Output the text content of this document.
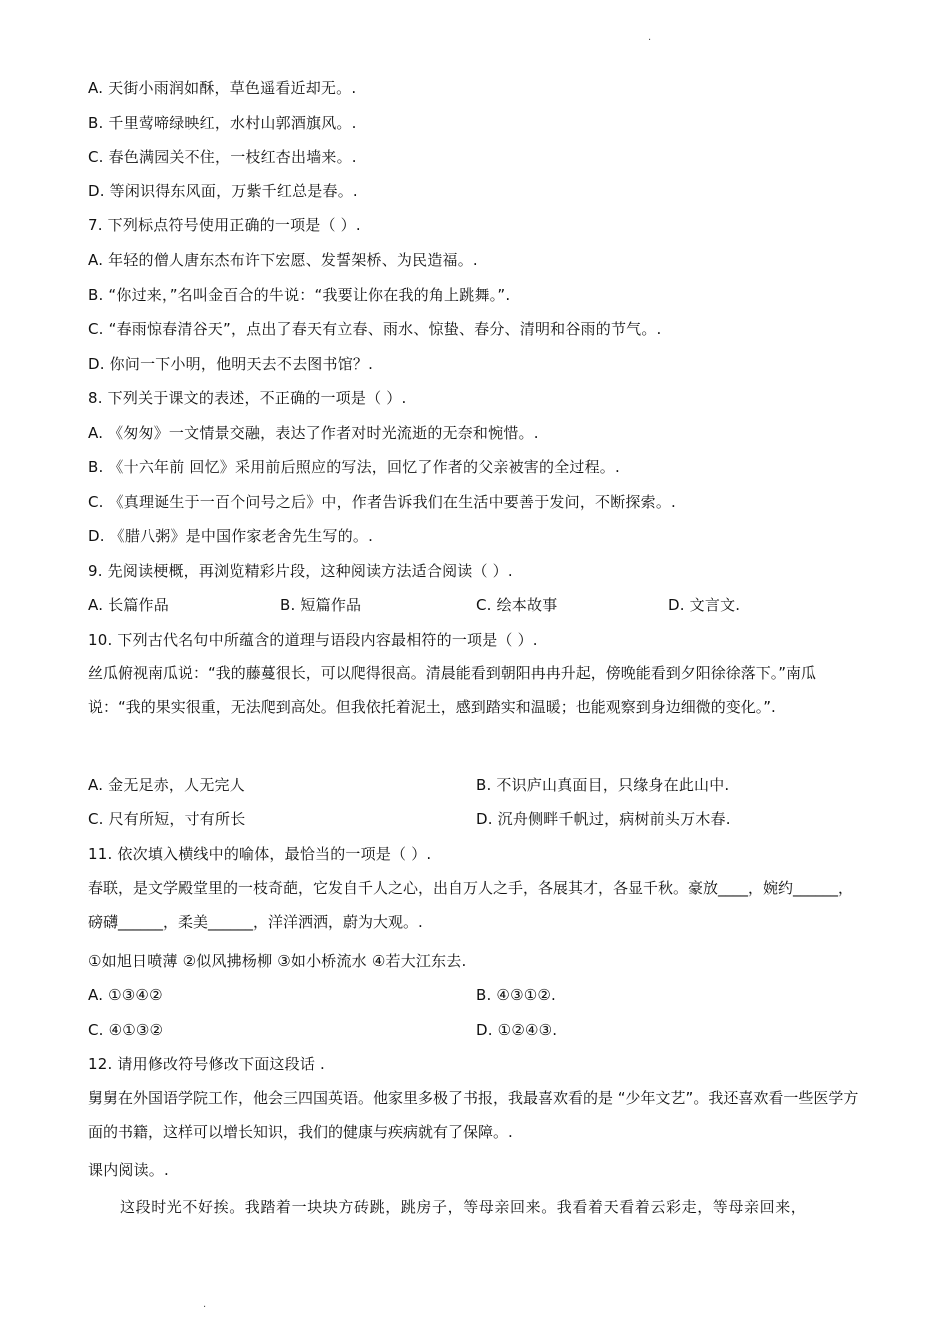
.
A. 天街小雨润如酥，草色遥看近却无。.
B. 千里莺啼绿映红，水村山郭酒旗风。.
C. 春色满园关不住，一枝红杏出墙来。.
D. 等闲识得东风面，万紫千红总是春。.
7. 下列标点符号使用正确的一项是（ ）.
A. 年轻的僧人唐东杰布许下宏愿、发誓架桥、为民造福。.
B. “你过来，”名叫金百合的牛说：“我要让你在我的角上跳舞。”.
C. “春雨惊春清谷天”，点出了春天有立春、雨水、惊蛰、春分、清明和谷雨的节气。.
D. 你问一下小明，他明天去不去图书馆？.
8. 下列关于课文的表述，不正确的一项是（ ）.
A. 《匆匆》一文情景交融，表达了作者对时光流逝的无奈和惋惜。.
B. 《十六年前 回忆》采用前后照应的写法，回忆了作者的父亲被害的全过程。.
C. 《真理诞生于一百个问号之后》中，作者告诉我们在生活中要善于发问，不断探索。.
D. 《腊八粥》是中国作家老舍先生写的。.
9. 先阅读梗概，再浏览精彩片段，这种阅读方法适合阅读（ ）.
A. 长篇作品	B. 短篇作品	C. 绘本故事	D. 文言文.
10. 下列古代名句中所蕴含的道理与语段内容最相符的一项是（ ）.
丝瓜俯视南瓜说：“我的藤蔓很长，可以爬得很高。清晨能看到朝阳冉冉升起，傍晚能看到夕阳徐徐落下。”南瓜说：“我的果实很重，无法爬到高处。但我依托着泥土，感到踏实和温暖；也能观察到身边细微的变化。”.
A. 金无足赤，人无完人	B. 不识庐山真面目，只缘身在此山中.
C. 尺有所短，寸有所长	D. 沉舟侧畔千帆过，病树前头万木春.
11. 依次填入横线中的喻体，最恰当的一项是（ ）.
春联，是文学殿堂里的一枝奇葩，它发自千人之心，出自万人之手，各展其才，各显千秋。豪放____，婉约______，磅礴______，柔美______，洋洋洒洒，蔚为大观。.
①如旭日喷薄 ②似风拂杨柳 ③如小桥流水 ④若大江东去.
A. ①③④②	B. ④③①②.
C. ④①③②	D. ①②④③.
12. 请用修改符号修改下面这段话 .
舅舅在外国语学院工作，他会三四国英语。他家里多极了书报，我最喜欢看的是 “少年文艺”。我还喜欢看一些医学方面的书籍，这样可以增长知识，我们的健康与疾病就有了保障。.
课内阅读。.
这段时光不好挨。我踏着一块块方砖跳，跳房子，等母亲回来。我看着天看着云彩走，等母亲回来，
.
